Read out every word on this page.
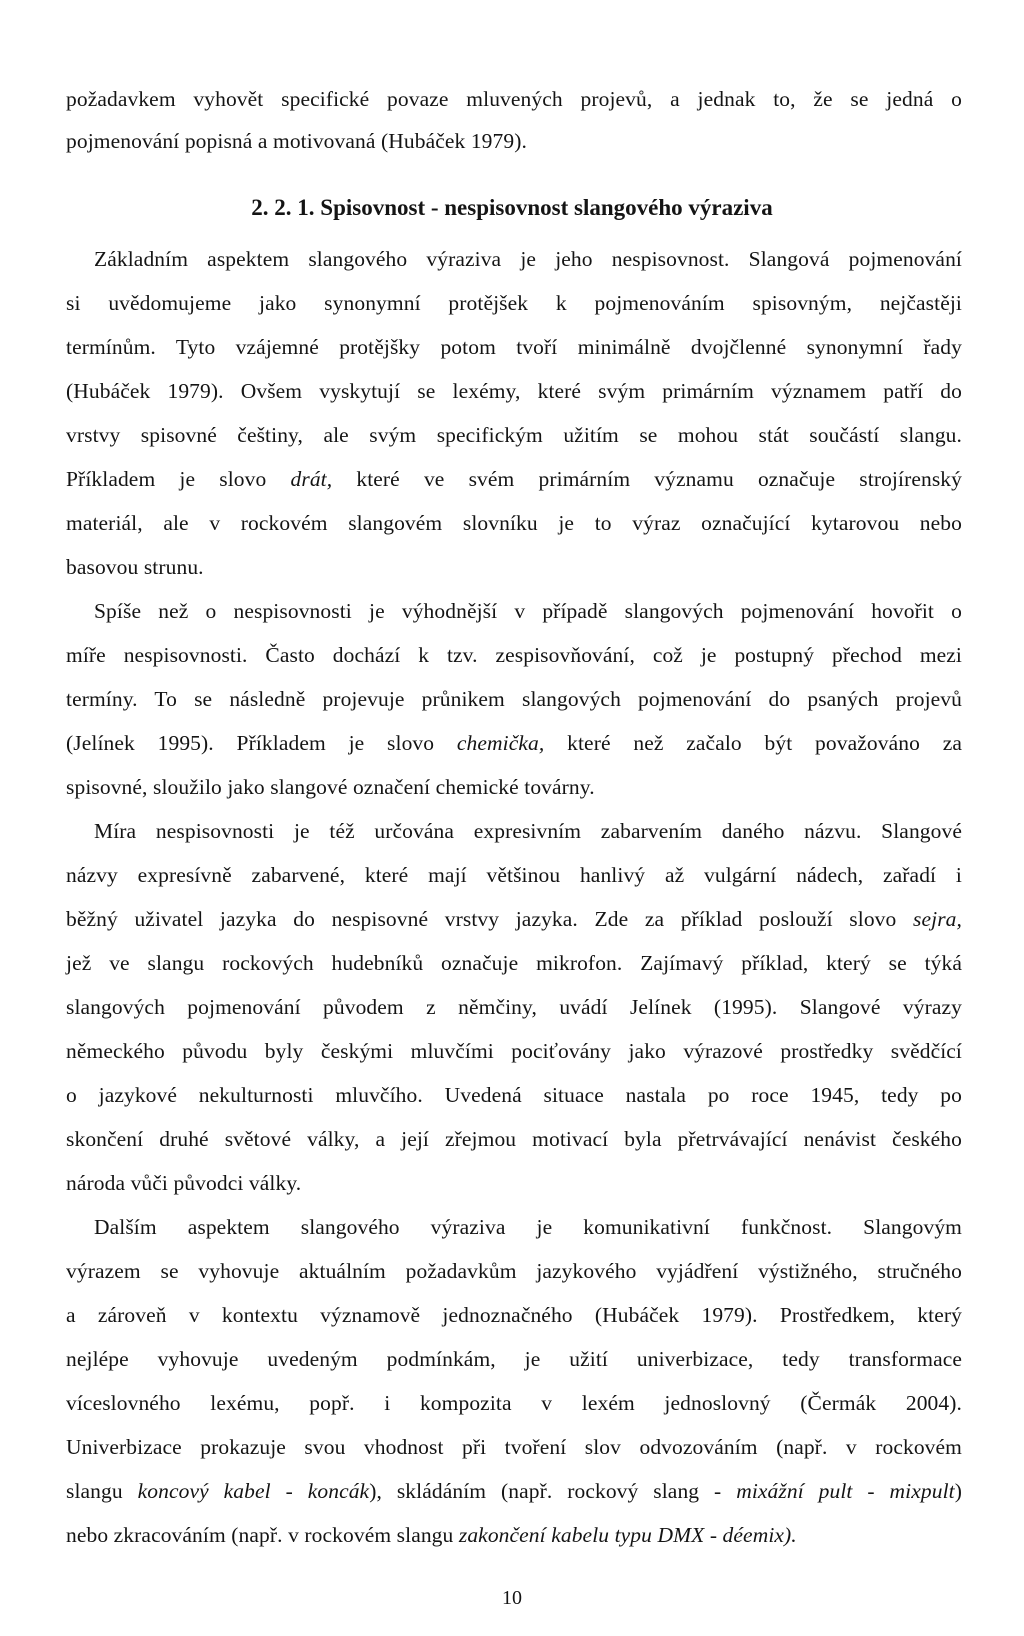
požadavkem vyhovět specifické povaze mluvených projevů, a jednak to, že se jedná o
pojmenování popisná a motivovaná (Hubáček 1979).
2. 2. 1. Spisovnost - nespisovnost slangového výraziva
Základním aspektem slangového výraziva je jeho nespisovnost. Slangová pojmenování
si uvědomujeme jako synonymní protějšek k pojmenováním spisovným, nejčastěji
termínům. Tyto vzájemné protějšky potom tvoří minimálně dvojčlenné synonymní řady
(Hubáček 1979). Ovšem vyskytují se lexémy, které svým primárním významem patří do
vrstvy spisovné češtiny, ale svým specifickým užitím se mohou stát součástí slangu.
Příkladem je slovo drát, které ve svém primárním významu označuje strojírenský
materiál, ale v rockovém slangovém slovníku je to výraz označující kytarovou nebo
basovou strunu.
Spíše než o nespisovnosti je výhodnější v případě slangových pojmenování hovořit o
míře nespisovnosti. Často dochází k tzv. zespisovňování, což je postupný přechod mezi
termíny. To se následně projevuje průnikem slangových pojmenování do psaných projevů
(Jelínek 1995). Příkladem je slovo chemička, které než začalo být považováno za
spisovné, sloužilo jako slangové označení chemické továrny.
Míra nespisovnosti je též určována expresivním zabarvením daného názvu. Slangové
názvy expresívně zabarvené, které mají většinou hanlivý až vulgární nádech, zařadí i
běžný uživatel jazyka do nespisovné vrstvy jazyka. Zde za příklad poslouží slovo sejra,
jež ve slangu rockových hudebníků označuje mikrofon. Zajímavý příklad, který se týká
slangových pojmenování původem z němčiny, uvádí Jelínek (1995). Slangové výrazy
německého původu byly českými mluvčími pociťovány jako výrazové prostředky svědčící
o jazykové nekulturnosti mluvčího. Uvedená situace nastala po roce 1945, tedy po
skončení druhé světové války, a její zřejmou motivací byla přetrvávající nenávist českého
národa vůči původci války.
Dalším aspektem slangového výraziva je komunikativní funkčnost. Slangovým
výrazem se vyhovuje aktuálním požadavkům jazykového vyjádření výstižného, stručného
a zároveň v kontextu významově jednoznačného (Hubáček 1979). Prostředkem, který
nejlépe vyhovuje uvedeným podmínkám, je užití univerbizace, tedy transformace
víceslovného lexému, popř. i kompozita v lexém jednoslovný (Čermák 2004).
Univerbizace prokazuje svou vhodnost při tvoření slov odvozováním (např. v rockovém
slangu koncový kabel - koncák), skládáním (např. rockový slang - mixážní pult - mixpult)
nebo zkracováním (např. v rockovém slangu zakončení kabelu typu DMX - déemix).
10
